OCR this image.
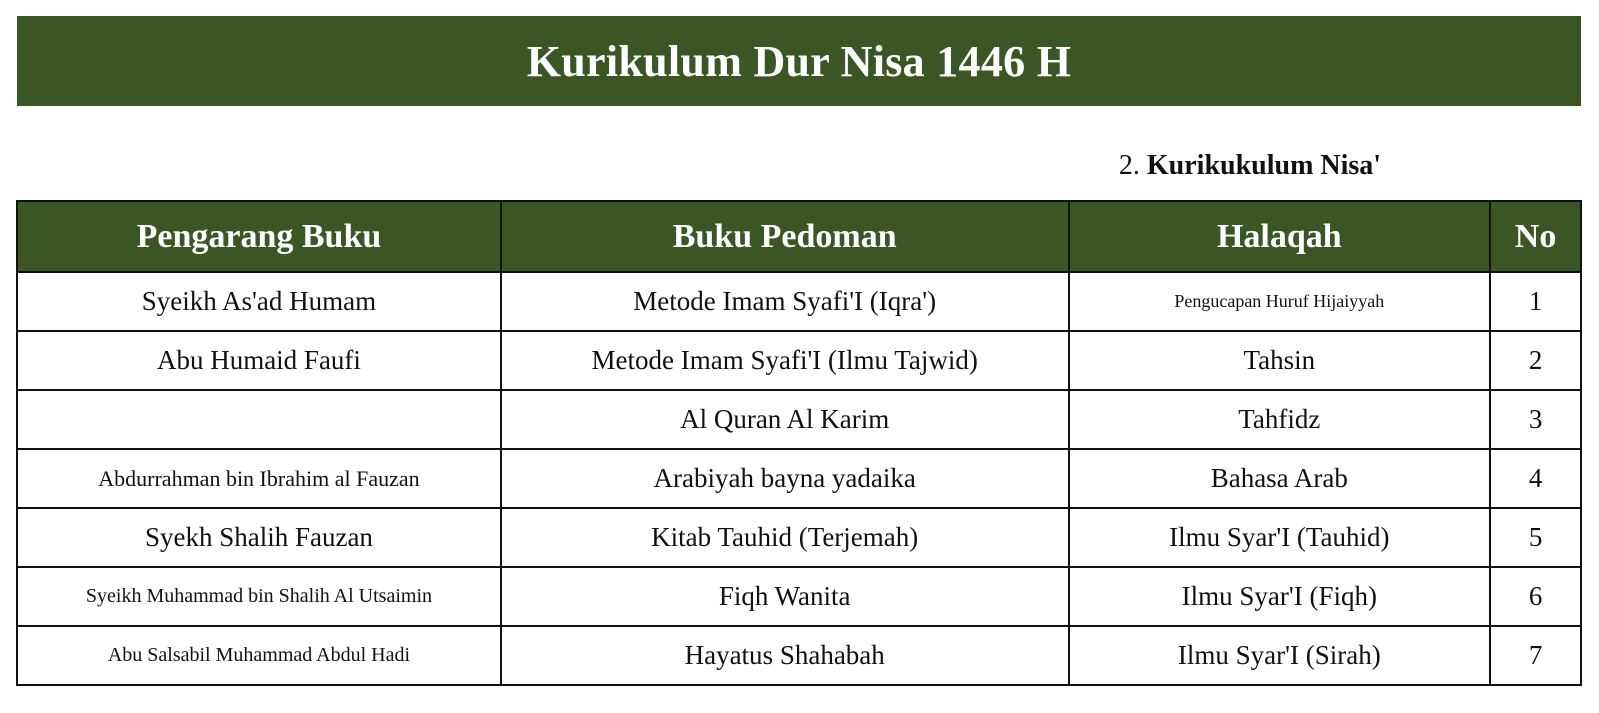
Kurikulum Dur Nisa 1446 H
2. Kurikukulum Nisa'
Pengarang Buku	Buku Pedoman	Halaqah	No
Syeikh As'ad Humam	Metode Imam Syafi'I (Iqra')	Pengucapan Huruf Hijaiyyah	1
Abu Humaid Faufi	Metode Imam Syafi'I (Ilmu Tajwid)	Tahsin	2
	Al Quran Al Karim	Tahfidz	3
Abdurrahman bin Ibrahim al Fauzan	Arabiyah bayna yadaika	Bahasa Arab	4
Syekh Shalih Fauzan	Kitab Tauhid (Terjemah)	Ilmu Syar'I (Tauhid)	5
Syeikh Muhammad bin Shalih Al Utsaimin	Fiqh Wanita	Ilmu Syar'I (Fiqh)	6
Abu Salsabil Muhammad Abdul Hadi	Hayatus Shahabah	Ilmu Syar'I (Sirah)	7
